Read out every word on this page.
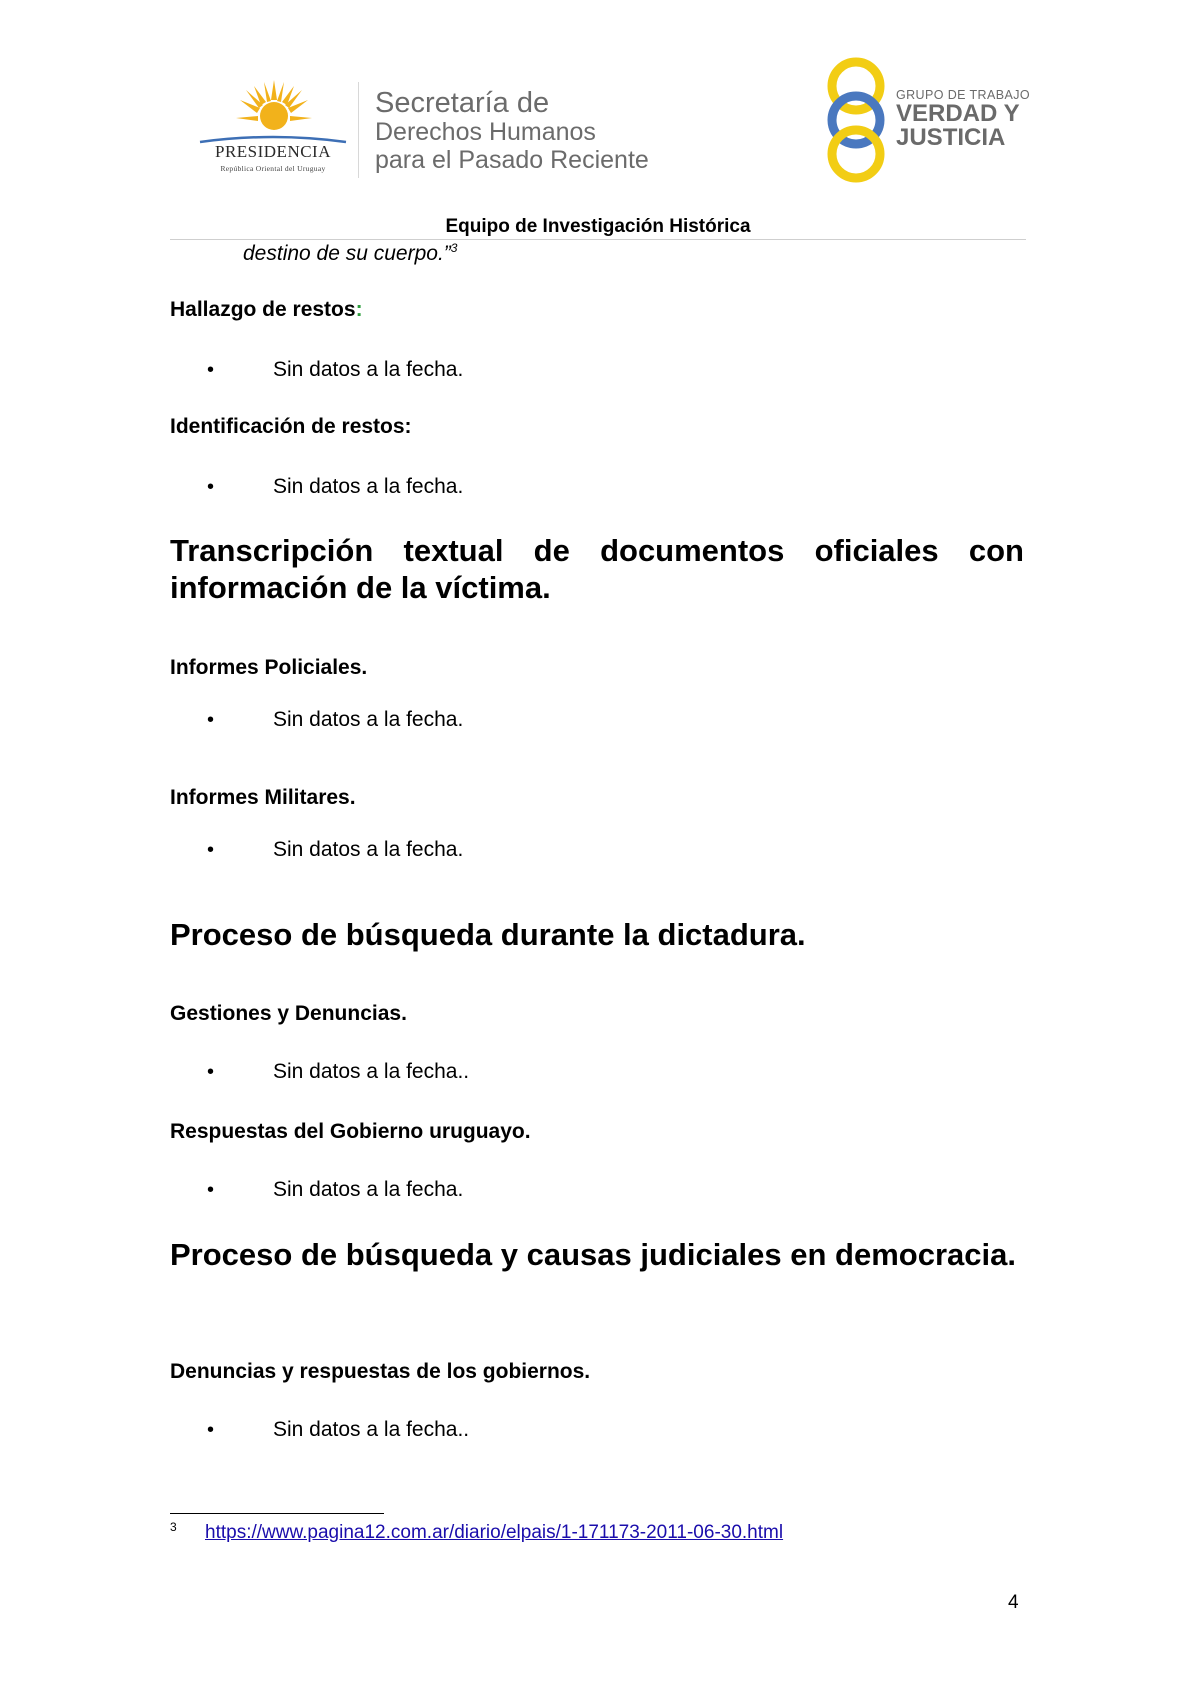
PRESIDENCIA
República Oriental del Uruguay
Secretaría de
Derechos Humanos
para el Pasado Reciente
GRUPO DE TRABAJO
VERDAD Y
JUSTICIA
Equipo de Investigación Histórica
destino de su cuerpo.”$^3$
Hallazgo de restos:
•	Sin datos a la fecha.
Identificación de restos:
•	Sin datos a la fecha.
Transcripción textual de documentos oficiales con información de la víctima.
Informes Policiales.
•	Sin datos a la fecha.
Informes Militares.
•	Sin datos a la fecha.
Proceso de búsqueda durante la dictadura.
Gestiones y Denuncias.
•	Sin datos a la fecha..
Respuestas del Gobierno uruguayo.
•	Sin datos a la fecha.
Proceso de búsqueda y causas judiciales en democracia.
Denuncias y respuestas de los gobiernos.
•	Sin datos a la fecha..
3 https://www.pagina12.com.ar/diario/elpais/1-171173-2011-06-30.html
4
